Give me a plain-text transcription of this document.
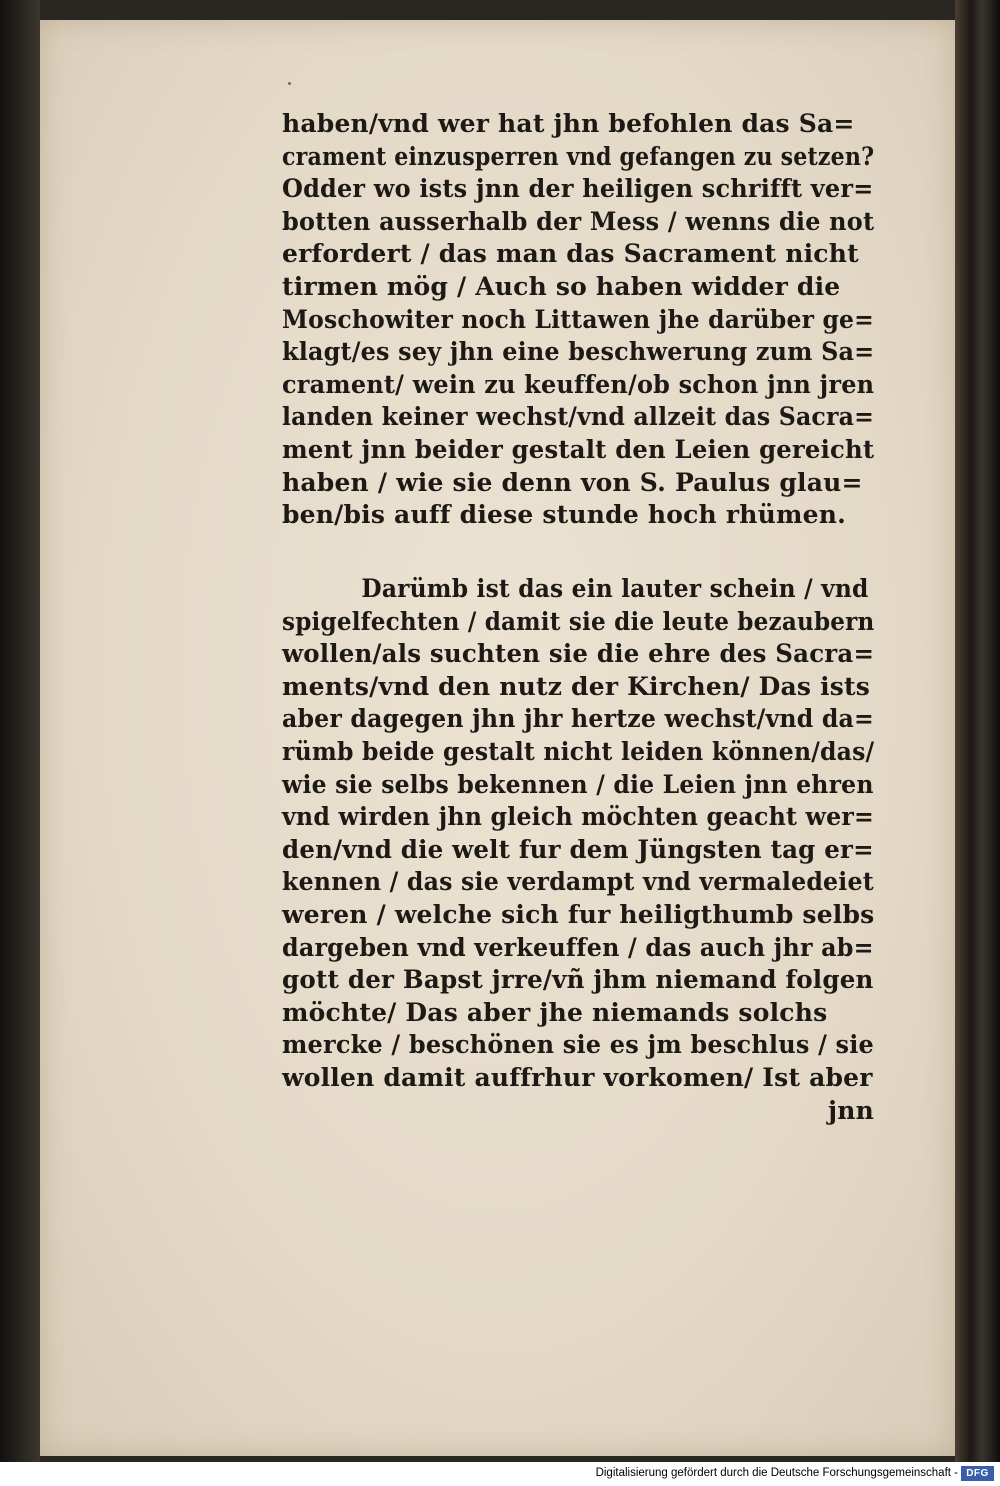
haben/vnd wer hat jhn befohlen das Sa=
crament einzusperren vnd gefangen zu setzen?
Odder wo ists jnn der heiligen schrifft ver=
botten ausserhalb der Mess / wenns die not
erfordert / das man das Sacrament nicht
tirmen mög / Auch so haben widder die
Moschowiter noch Littawen jhe darüber ge=
klagt/es sey jhn eine beschwerung zum Sa=
crament/ wein zu keuffen/ob schon jnn jren
landen keiner wechst/vnd allzeit das Sacra=
ment jnn beider gestalt den Leien gereicht
haben / wie sie denn von S. Paulus glau=
ben/bis auff diese stunde hoch rhümen.
Darümb ist das ein lauter schein / vnd
spigelfechten / damit sie die leute bezaubern
wollen/als suchten sie die ehre des Sacra=
ments/vnd den nutz der Kirchen/ Das ists
aber dagegen jhn jhr hertze wechst/vnd da=
rümb beide gestalt nicht leiden können/das/
wie sie selbs bekennen / die Leien jnn ehren
vnd wirden jhn gleich möchten geacht wer=
den/vnd die welt fur dem Jüngsten tag er=
kennen / das sie verdampt vnd vermaledeiet
weren / welche sich fur heiligthumb selbs
dargeben vnd verkeuffen / das auch jhr ab=
gott der Bapst jrre/vñ jhm niemand folgen
möchte/ Das aber jhe niemands solchs
mercke / beschönen sie es jm beschlus / sie
wollen damit auffrhur vorkomen/ Ist aber
jnn
Digitalisierung gefördert durch die Deutsche Forschungsgemeinschaft - DFG
